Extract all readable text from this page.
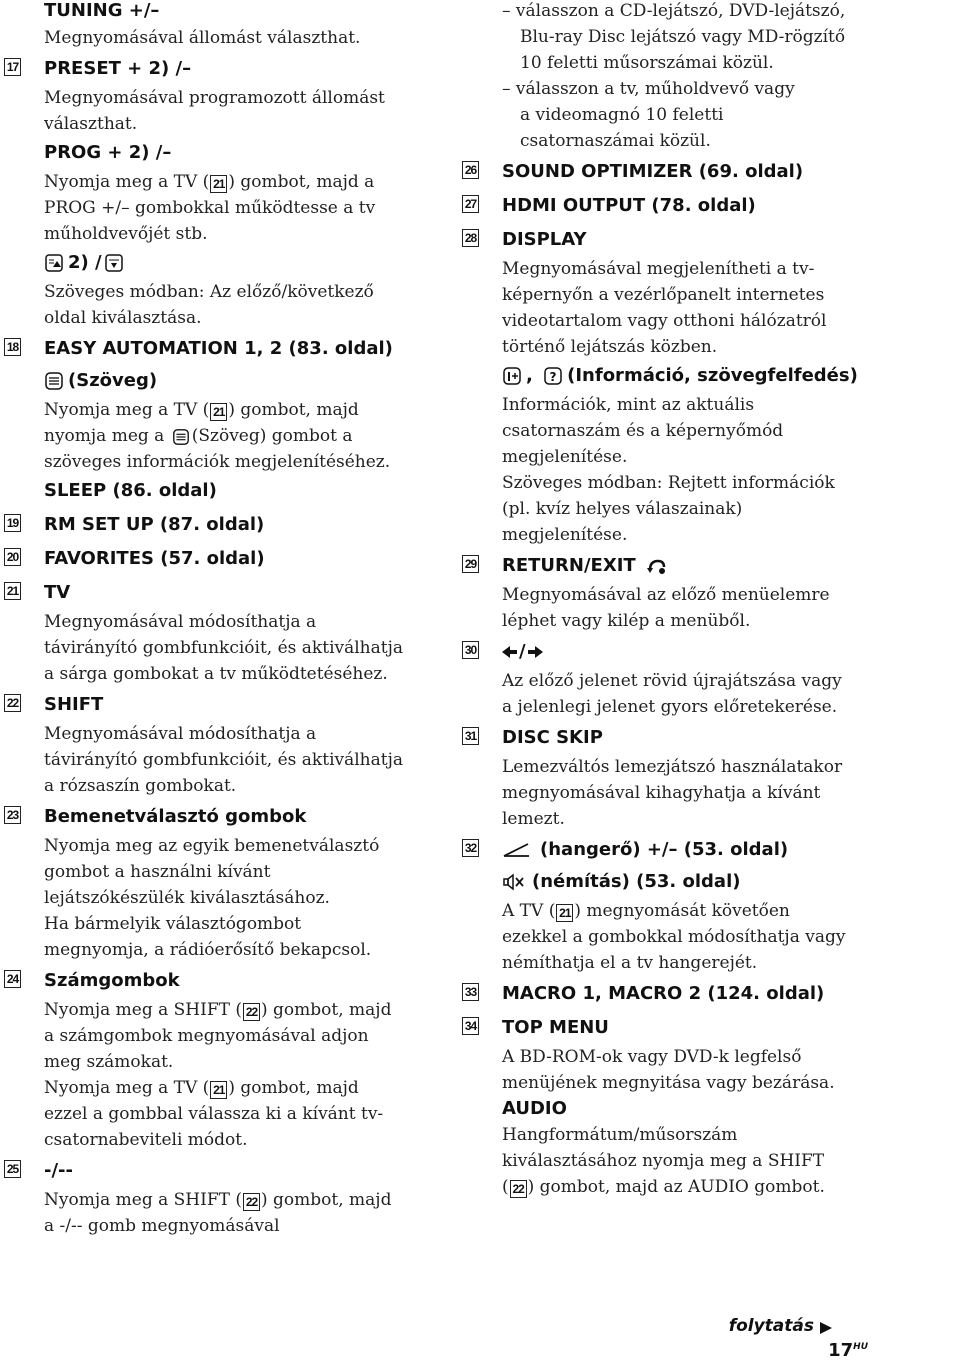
TUNING +/–
Megnyomásával állomást választhat.
17 PRESET + 2) /–
Megnyomásával programozott állomást
választhat.
PROG + 2) /–
Nyomja meg a TV ( 21 ) gombot, majd a
PROG +/– gombokkal működtesse a tv
műholdvevőjét stb.
2) /
Szöveges módban: Az előző/következő
oldal kiválasztása.
18 EASY AUTOMATION 1, 2 (83. oldal)
(Szöveg)
Nyomja meg a TV ( 21 ) gombot, majd
nyomja meg a (Szöveg) gombot a
szöveges információk megjelenítéséhez.
SLEEP (86. oldal)
19 RM SET UP (87. oldal)
20 FAVORITES (57. oldal)
21 TV
Megnyomásával módosíthatja a
távirányító gombfunkcióit, és aktiválhatja
a sárga gombokat a tv működtetéséhez.
22 SHIFT
Megnyomásával módosíthatja a
távirányító gombfunkcióit, és aktiválhatja
a rózsaszín gombokat.
23 Bemenetválasztó gombok
Nyomja meg az egyik bemenetválasztó
gombot a használni kívánt
lejátszókészülék kiválasztásához.
Ha bármelyik választógombot
megnyomja, a rádióerősítő bekapcsol.
24 Számgombok
Nyomja meg a SHIFT ( 22 ) gombot, majd
a számgombok megnyomásával adjon
meg számokat.
Nyomja meg a TV ( 21 ) gombot, majd
ezzel a gombbal válassza ki a kívánt tv-
csatornabeviteli módot.
25 -/--
Nyomja meg a SHIFT ( 22 ) gombot, majd
a -/-- gomb megnyomásával
– válasszon a CD-lejátszó, DVD-lejátszó,
Blu-ray Disc lejátszó vagy MD-rögzítő
10 feletti műsorszámai közül.
– válasszon a tv, műholdvevő vagy
a videomagnó 10 feletti
csatornaszámai közül.
26 SOUND OPTIMIZER (69. oldal)
27 HDMI OUTPUT (78. oldal)
28 DISPLAY
Megnyomásával megjelenítheti a tv-
képernyőn a vezérlőpanelt internetes
videotartalom vagy otthoni hálózatról
történő lejátszás közben.
, ? (Információ, szövegfelfedés)
Információk, mint az aktuális
csatornaszám és a képernyőmód
megjelenítése.
Szöveges módban: Rejtett információk
(pl. kvíz helyes válaszainak)
megjelenítése.
29 RETURN/EXIT
Megnyomásával az előző menüelemre
léphet vagy kilép a menüből.
30	/
Az előző jelenet rövid újrajátszása vagy
a jelenlegi jelenet gyors előretekerése.
31 DISC SKIP
Lemezváltós lemezjátszó használatakor
megnyomásával kihagyhatja a kívánt
lemezt.
32	(hangerő) +/– (53. oldal)
(némítás) (53. oldal)
A TV ( 21 ) megnyomását követően
ezekkel a gombokkal módosíthatja vagy
némíthatja el a tv hangerejét.
33 MACRO 1, MACRO 2 (124. oldal)
34 TOP MENU
A BD-ROM-ok vagy DVD-k legfelső
menüjének megnyitása vagy bezárása.
AUDIO
Hangformátum/műsorszám
kiválasztásához nyomja meg a SHIFT
( 22 ) gombot, majd az AUDIO gombot.
folytatás
$17^{HU}$
